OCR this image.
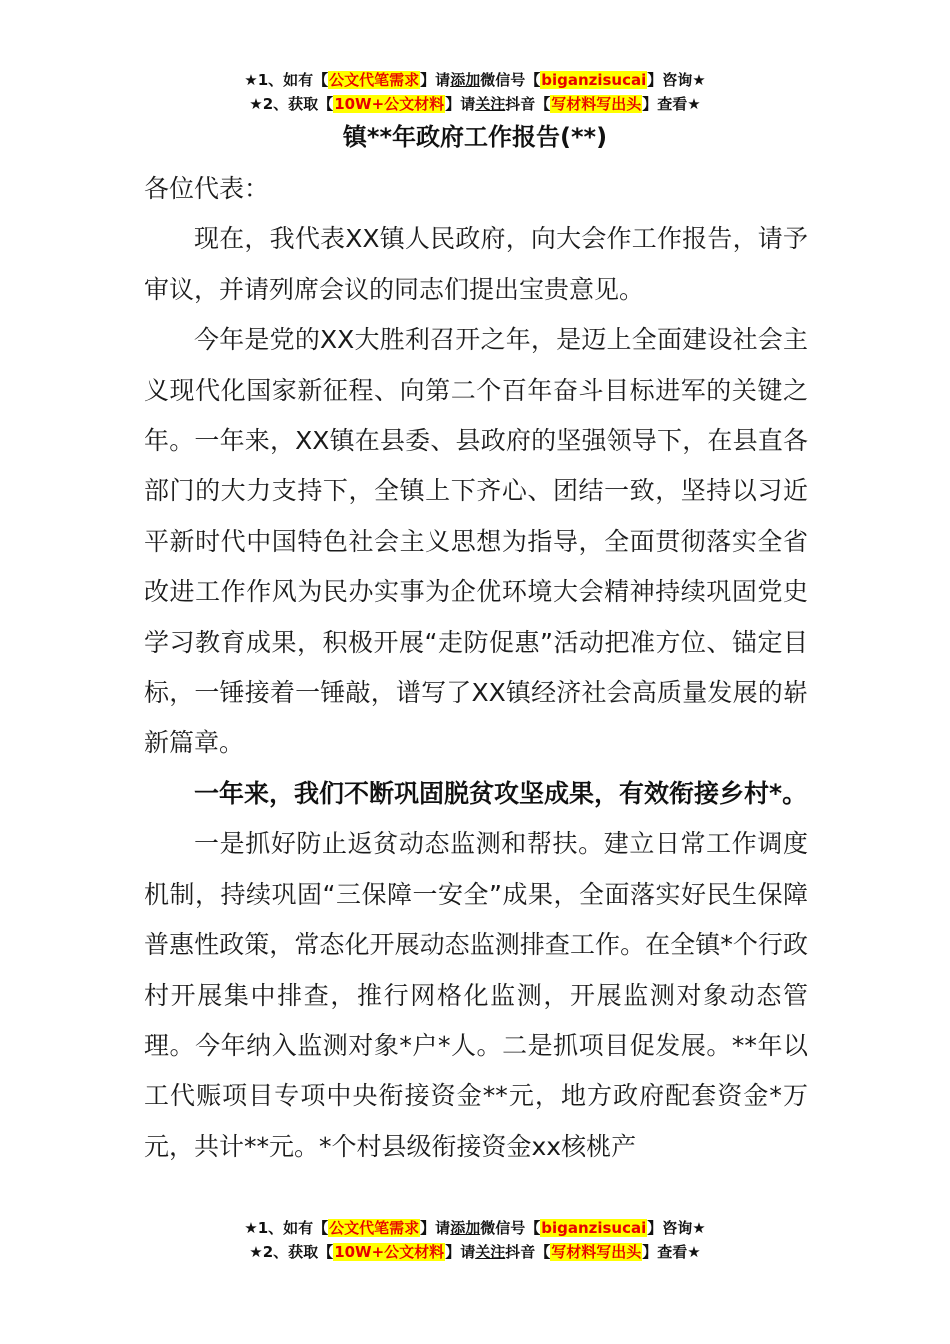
★1、如有【公文代笔需求】请添加微信号【biganzisucai】咨询★
★2、获取【10W+公文材料】请关注抖音【写材料写出头】查看★
镇**年政府工作报告(**)

各位代表：

现在，我代表XX镇人民政府，向大会作工作报告，请予审议，并请列席会议的同志们提出宝贵意见。

今年是党的XX大胜利召开之年，是迈上全面建设社会主义现代化国家新征程、向第二个百年奋斗目标进军的关键之年。一年来，XX镇在县委、县政府的坚强领导下，在县直各部门的大力支持下，全镇上下齐心、团结一致，坚持以习近平新时代中国特色社会主义思想为指导，全面贯彻落实全省改进工作作风为民办实事为企优环境大会精神持续巩固党史学习教育成果，积极开展“走防促惠”活动把准方位、锚定目标，一锤接着一锤敲，谱写了XX镇经济社会高质量发展的崭新篇章。

一年来，我们不断巩固脱贫攻坚成果，有效衔接乡村*。

一是抓好防止返贫动态监测和帮扶。建立日常工作调度机制，持续巩固“三保障一安全”成果，全面落实好民生保障普惠性政策，常态化开展动态监测排查工作。在全镇*个行政村开展集中排查，推行网格化监测，开展监测对象动态管理。今年纳入监测对象*户*人。二是抓项目促发展。**年以工代赈项目专项中央衔接资金**元，地方政府配套资金*万元，共计**元。*个村县级衔接资金xx核桃产

★1、如有【公文代笔需求】请添加微信号【biganzisucai】咨询★
★2、获取【10W+公文材料】请关注抖音【写材料写出头】查看★
